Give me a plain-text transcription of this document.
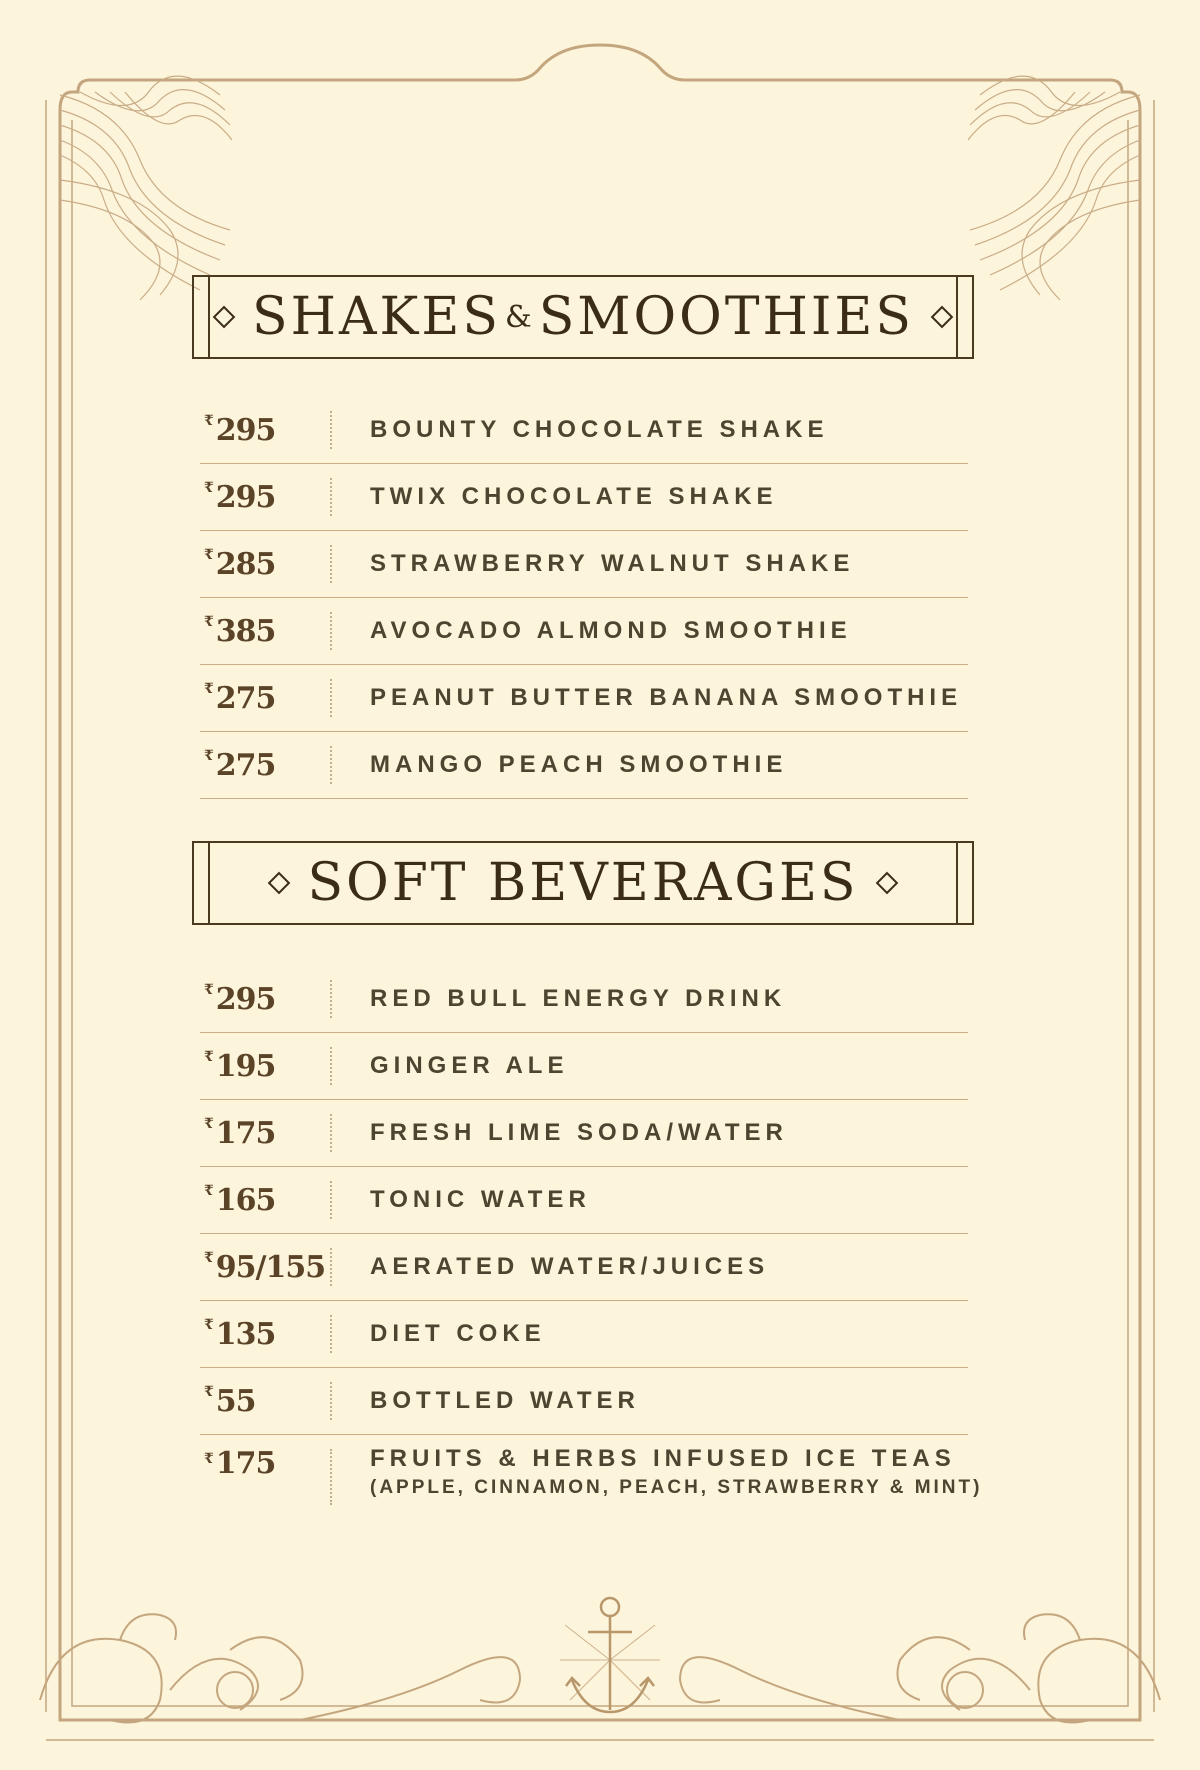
SHAKES & SMOOTHIES
₹ 295	BOUNTY CHOCOLATE SHAKE
₹ 295	TWIX CHOCOLATE SHAKE
₹ 285	STRAWBERRY WALNUT SHAKE
₹ 385	AVOCADO ALMOND SMOOTHIE
₹ 275	PEANUT BUTTER BANANA SMOOTHIE
₹ 275	MANGO PEACH SMOOTHIE
SOFT BEVERAGES
₹ 295	RED BULL ENERGY DRINK
₹ 195	GINGER ALE
₹ 175	FRESH LIME SODA/WATER
₹ 165	TONIC WATER
₹ 95/155 AERATED WATER/JUICES
₹ 135	DIET COKE
₹ 55	BOTTLED WATER
₹ 175	FRUITS & HERBS INFUSED ICE TEAS
(APPLE, CINNAMON, PEACH, STRAWBERRY & MINT)
